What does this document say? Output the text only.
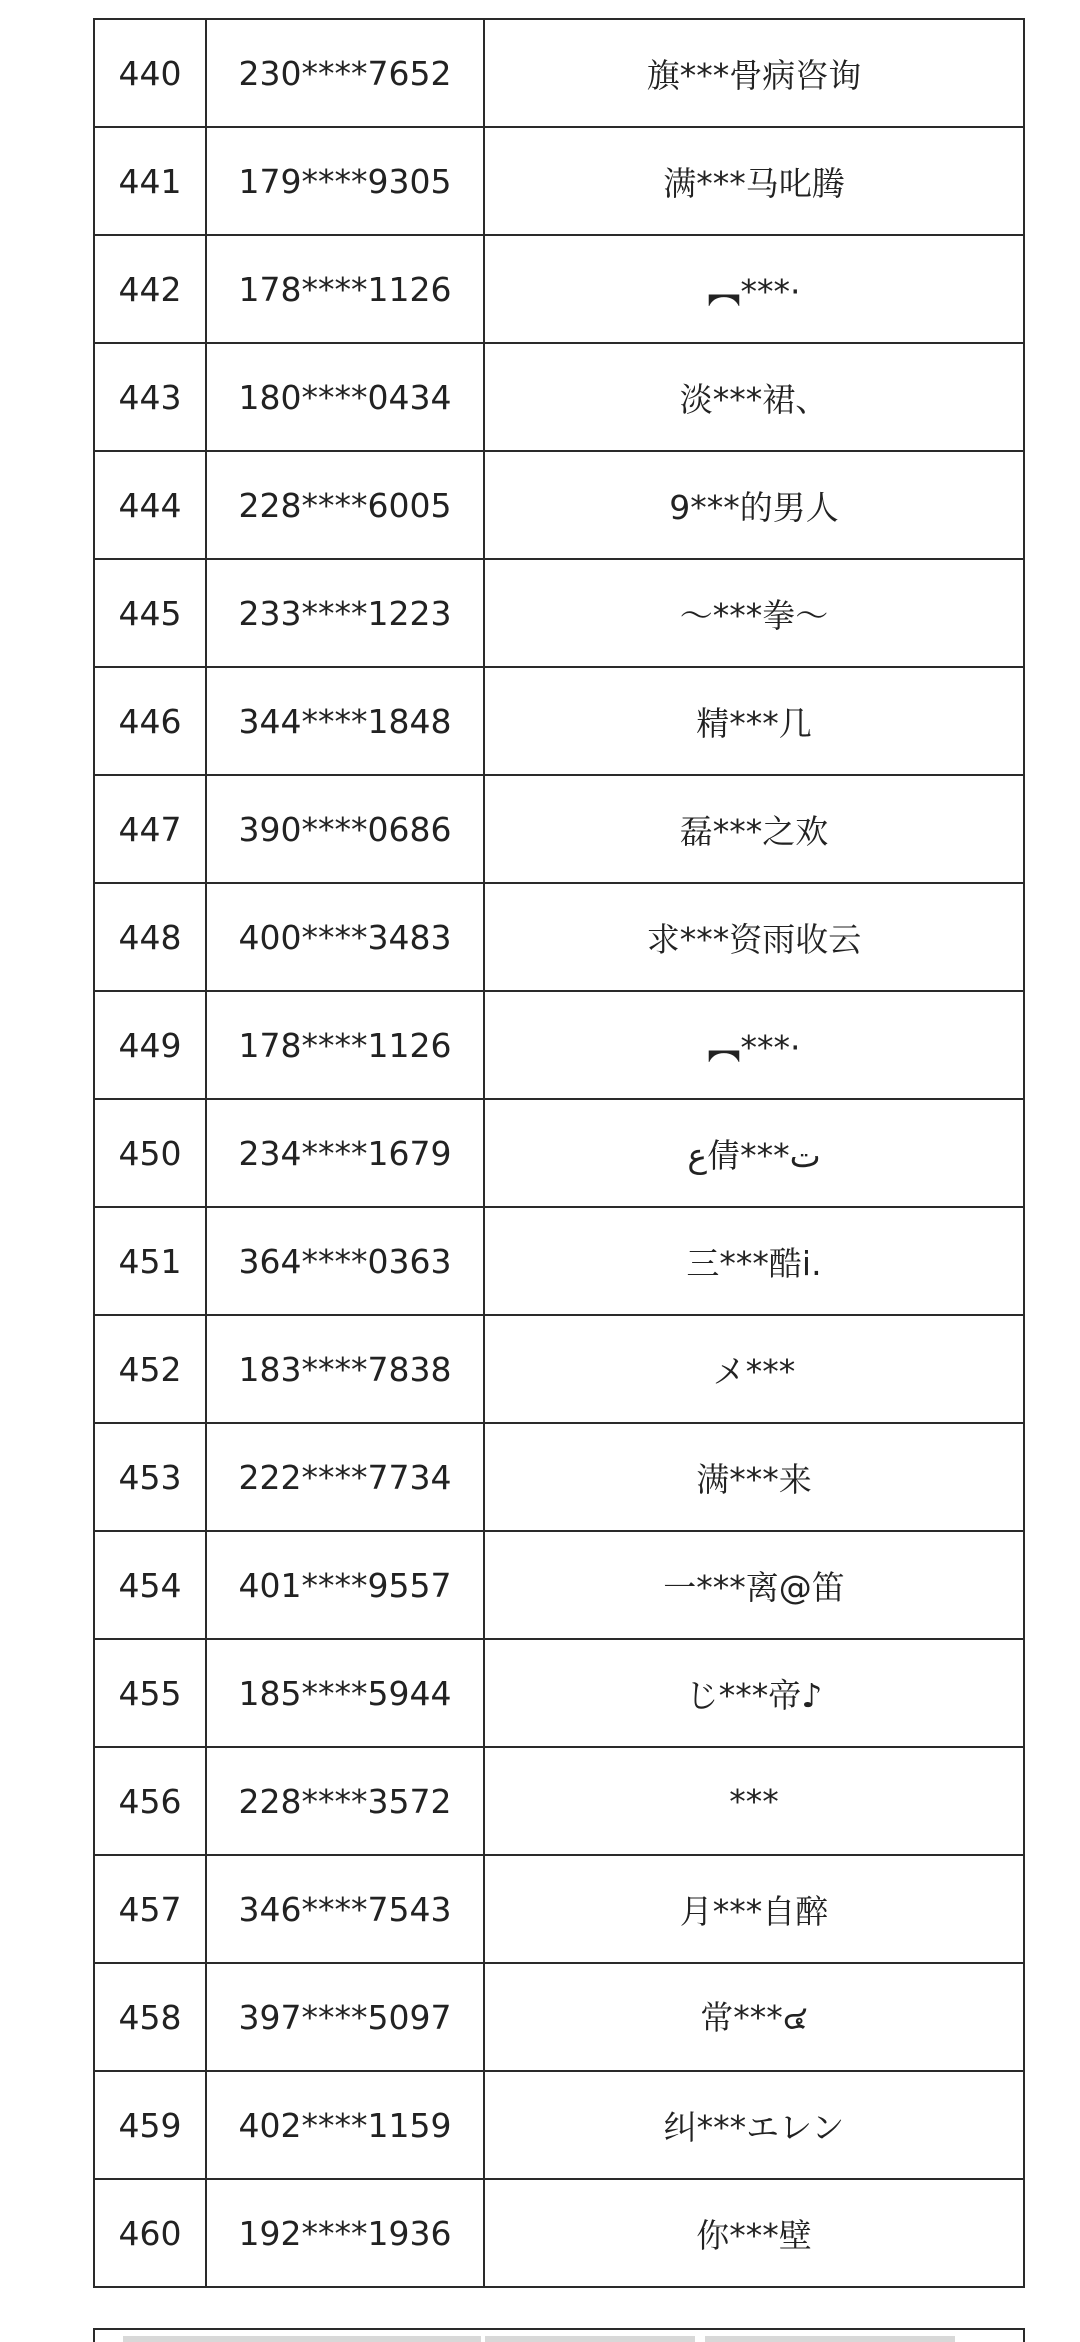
440	230****7652	旗***骨病咨询
441	179****9305	满***马叱腾
442	178****1126	︻***·
443	180****0434	淡***裙、
444	228****6005	9***的男人
445	233****1223	～***拳～
446	344****1848	精***几
447	390****0686	磊***之欢
448	400****3483	求***资雨收云
449	178****1126	︻***·
450	234****1679	ﻉ倩***ت
451	364****0363	三***酷i.
452	183****7838	メ***
453	222****7734	满***来
454	401****9557	一***离@笛
455	185****5944	じ***帝♪
456	228****3572	***
457	346****7543	月***自醉
458	397****5097	常***๔
459	402****1159	纠***エレン
460	192****1936	你***壁
